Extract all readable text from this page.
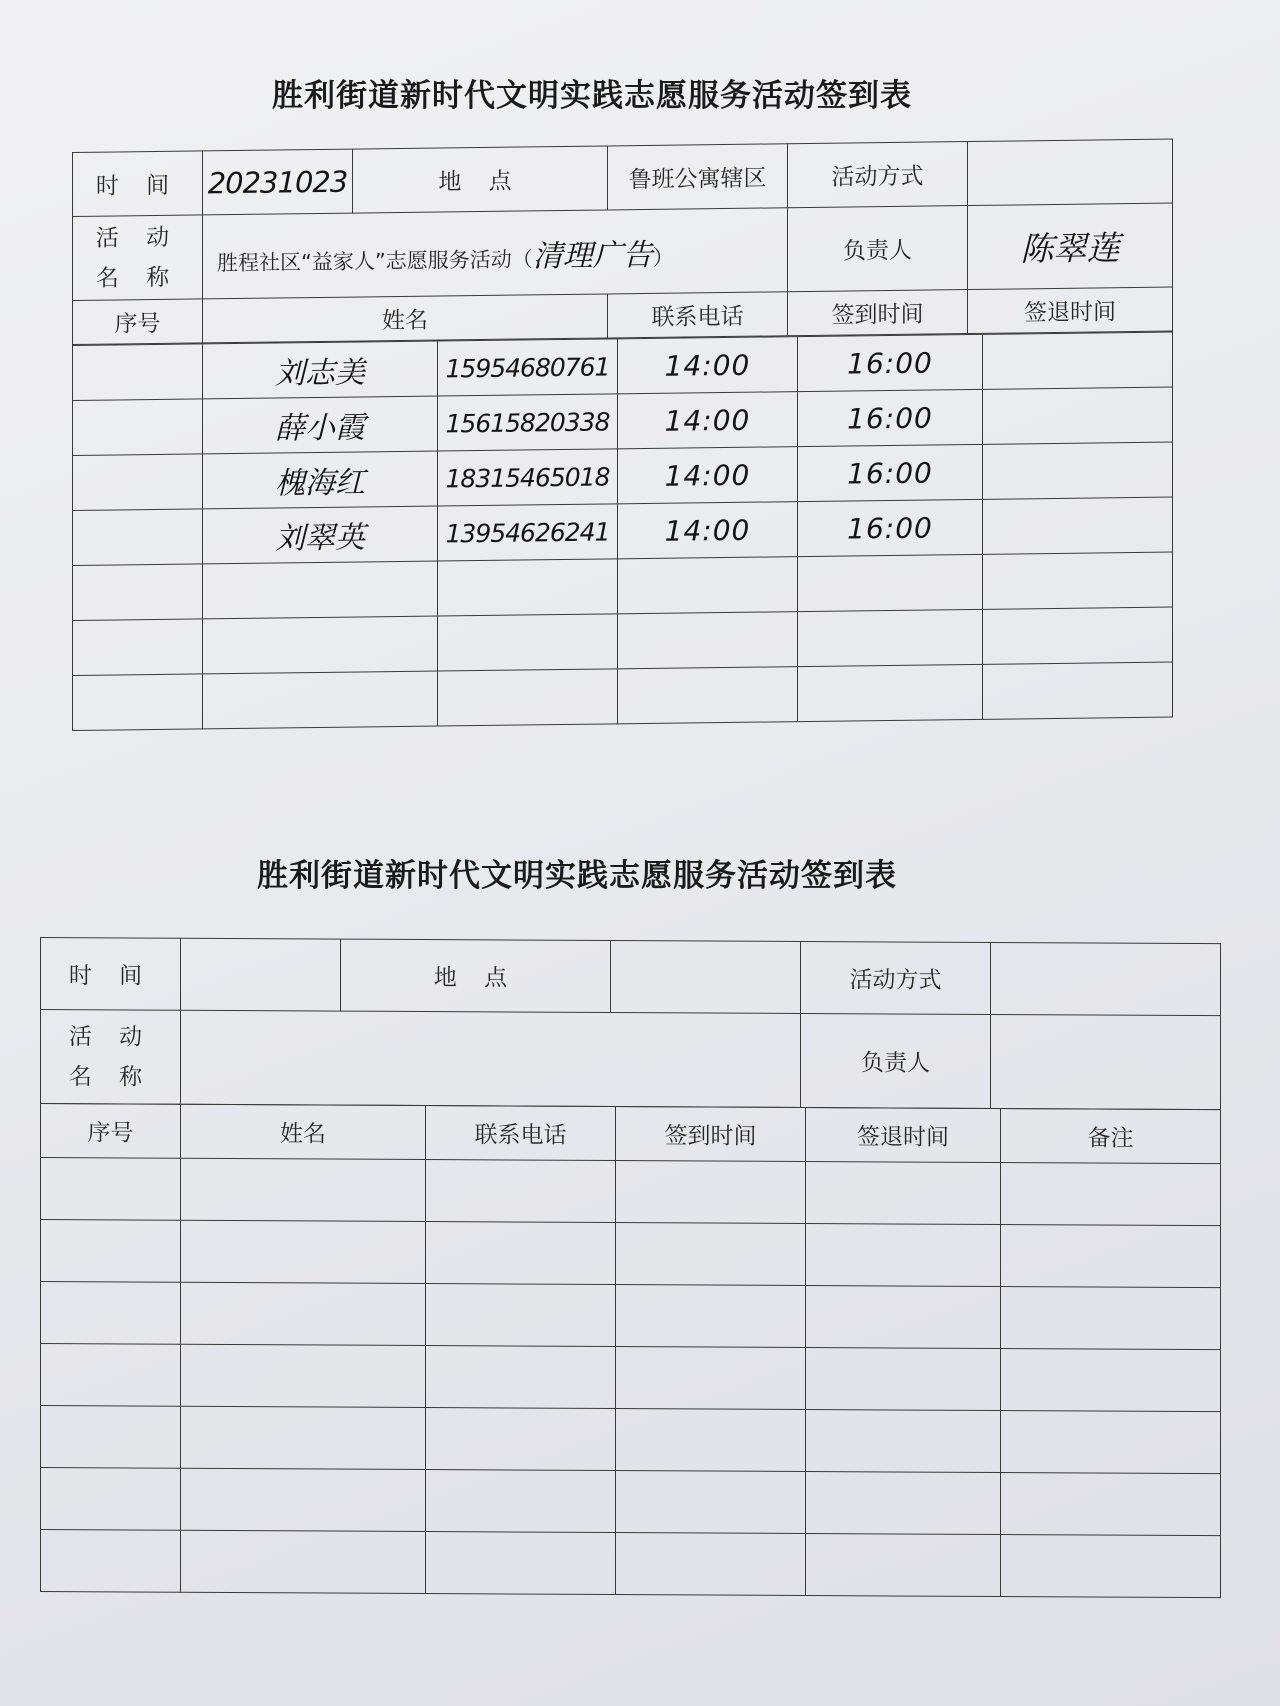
胜利街道新时代文明实践志愿服务活动签到表
时 间	20231023	地 点	鲁班公寓辖区	活动方式		

活 动
名 称	胜程社区“益家人”志愿服务活动（清理广告）			负责人	陈翠莲	
序号	姓名		联系电话	签到时间	签退时间	
	刘志美	15954680761	14:00	16:00	
	薛小霞	15615820338	14:00	16:00	
	槐海红	18315465018	14:00	16:00	
	刘翠英	13954626241	14:00	16:00	

胜利街道新时代文明实践志愿服务活动签到表
时 间		地 点		活动方式	

活 动
名 称				负责人	
序号	姓名	联系电话	签到时间	签退时间	备注
